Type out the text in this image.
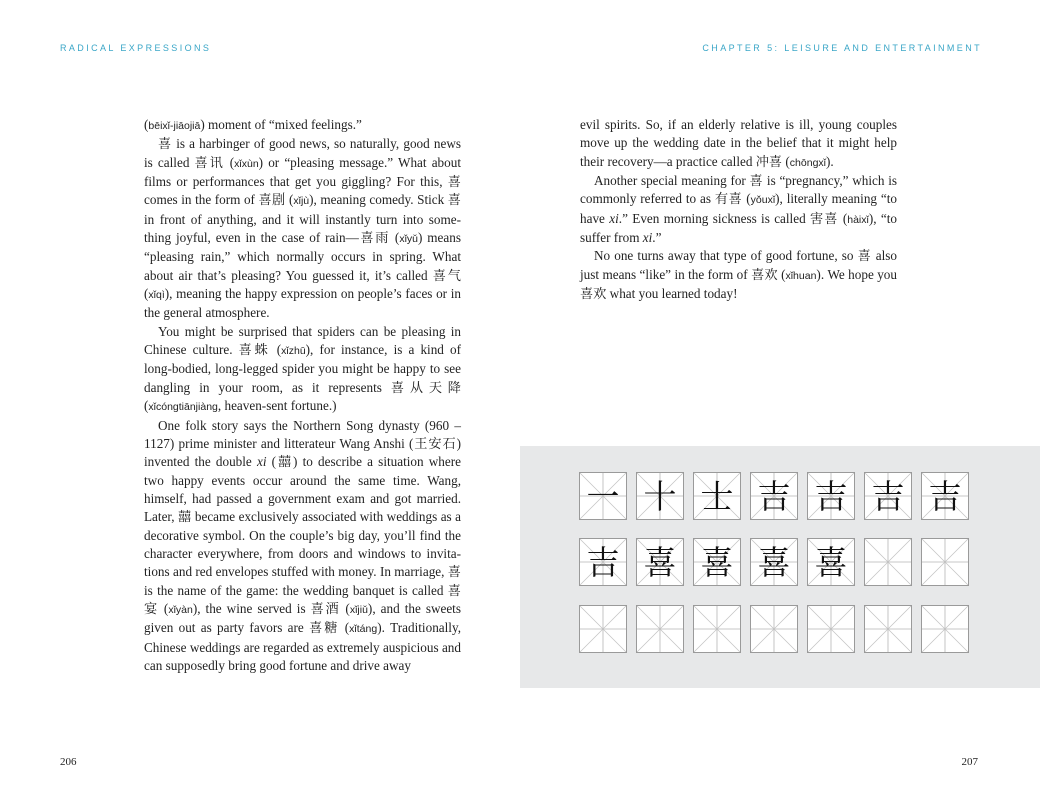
RADICAL EXPRESSIONS	CHAPTER 5: LEISURE AND ENTERTAINMENT

(bēixǐ-jiāojiā) moment of “mixed feelings.”

喜 is a harbinger of good news, so naturally, good news is called 喜讯 (xǐxùn) or “pleasing message.” What about films or performances that get you giggling? For this, 喜 comes in the form of 喜剧 (xǐjù), meaning comedy. Stick 喜 in front of anything, and it will instantly turn into something joyful, even in the case of rain—喜雨 (xǐyǔ) means “pleasing rain,” which normally occurs in spring. What about air that’s pleasing? You guessed it, it’s called 喜气 (xǐqì), meaning the happy expression on people’s faces or in the general atmosphere.

You might be surprised that spiders can be pleasing in Chinese culture. 喜蛛 (xǐzhū), for instance, is a kind of long-bodied, long-legged spider you might be happy to see dangling in your room, as it represents 喜从天降 (xǐcóngtiānjiàng, heaven-sent fortune.)

One folk story says the Northern Song dynasty (960 – 1127) prime minister and litterateur Wang Anshi (王安石) invented the double xi (囍) to describe a situation where two happy events occur around the same time. Wang, himself, had passed a government exam and got married. Later, 囍 became exclusively associated with weddings as a decorative symbol. On the couple’s big day, you’ll find the character everywhere, from doors and windows to invitations and red envelopes stuffed with money. In marriage, 喜 is the name of the game: the wedding banquet is called 喜宴 (xǐyàn), the wine served is 喜酒 (xǐjiǔ), and the sweets given out as party favors are 喜糖 (xǐtáng). Traditionally, Chinese weddings are regarded as extremely auspicious and can supposedly bring good fortune and drive away

evil spirits. So, if an elderly relative is ill, young couples move up the wedding date in the belief that it might help their recovery—a practice called 冲喜 (chōngxǐ).

Another special meaning for 喜 is “pregnancy,” which is commonly referred to as 有喜 (yǒuxǐ), literally meaning “to have xi.” Even morning sickness is called 害喜 (hàixǐ), “to suffer from xi.”

No one turns away that type of good fortune, so 喜 also just means “like” in the form of 喜欢 (xǐhuan). We hope you 喜欢 what you learned today!

一 十 士 吉 吉 吉 吉
吉 喜 喜 喜 喜
206	207
